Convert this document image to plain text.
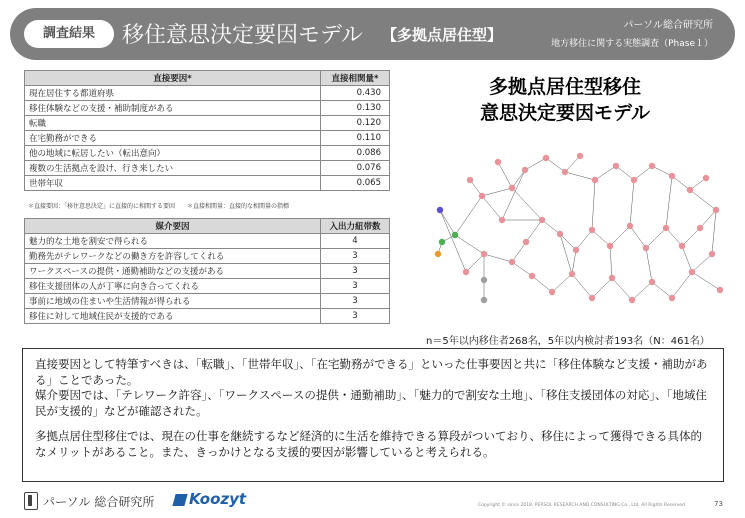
調査結果	移住意思決定要因モデル 【多拠点居住型】
パーソル総合研究所
地方移住に関する実態調査（Phase１）
直接要因*	直接相関量*
現在居住する都道府県	0.430
移住体験などの支援・補助制度がある	0.130
転職	0.120
在宅勤務ができる	0.110
他の地域に転居したい（転出意向）	0.086
複数の生活拠点を設け、行き来したい	0.076
世帯年収	0.065
＊直接要因：「移住意思決定」に直接的に相関する要因　　＊直接相関量：直接的な相関量の指標
媒介要因	入出力紐帯数
魅力的な土地を割安で得られる	4
勤務先がテレワークなどの働き方を許容してくれる	3
ワークスペースの提供・通勤補助などの支援がある	3
移住支援団体の人が丁寧に向き合ってくれる	3
事前に地域の住まいや生活情報が得られる	3
移住に対して地域住民が支援的である	3
多拠点居住型移住
意思決定要因モデル
n＝5年以内移住者268名，5年以内検討者193名（N：461名）

直接要因として特筆すべきは、「転職」、「世帯年収」、「在宅勤務ができる」といった仕事要因と共に「移住体験など支援・補助がある」ことであった。

媒介要因では、「テレワーク許容」、「ワークスペースの提供・通勤補助」、「魅力的で割安な土地」、「移住支援団体の対応」、「地域住民が支援的」などが確認された。

多拠点居住型移住では、現在の仕事を継続するなど経済的に生活を維持できる算段がついており、移住によって獲得できる具体的なメリットがあること。また、きっかけとなる支援的要因が影響していると考えられる。

パーソル 総合研究所	Koozyt	Copyright © since 2018. PERSOL RESEARCH AND CONSULTING Co., Ltd. All Rights Reserved.	73
